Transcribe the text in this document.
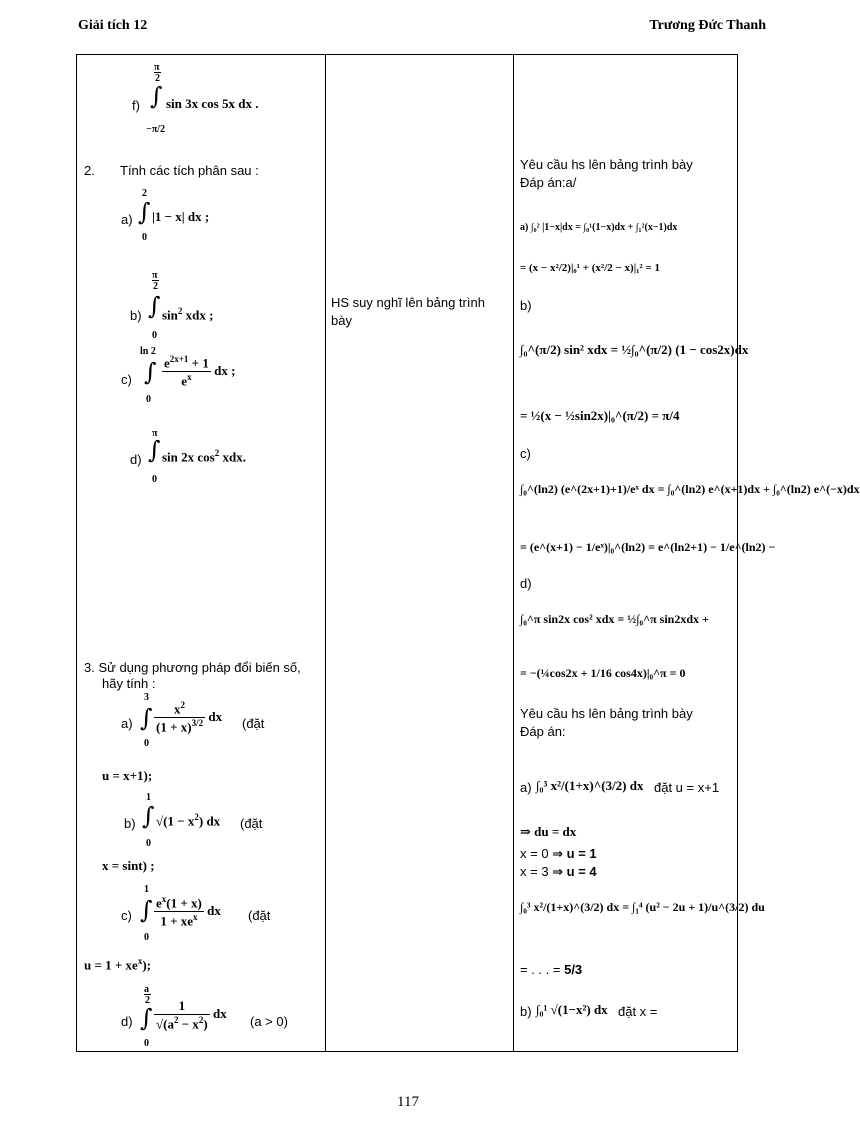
Giải tích 12	Trương Đức Thanh
f)
π
2
∫ sin 3x cos 5x dx .
−π/2
2. Tính các tích phân sau :
a)
2
∫ |1 − x| dx ;
0
b)
π
2
∫ $\sin^2$ xdx ;
0
c)
ln 2
∫ $\frac{e^{2x+1} + 1}{e^x}$ dx ;
0
d)
π
∫ sin 2x $\cos^2$ xdx.
0
3. Sử dụng phương pháp đổi biến số,
hãy tính :
a)
3
∫ $\frac{x^2}{(1 + x)^{3/2}}$ dx
0
(đặt
u = x+1);
b)
1
∫ $√(1 - x^2)$ dx
0
(đặt
x = sint) ;
c)
1
∫ $\frac{e^x(1 + x)}{1 + xe^x}$ dx
0
(đặt
$u = 1 + xe^x$);
d)
a
2
∫ $\frac{1}{√(a^2 - x^2)}$ dx
0
(a > 0)
HS suy nghĩ lên bảng trình bày
Yêu cầu hs lên bảng trình bày
Đáp án:a/
a) ∫₀² |1−x|dx = ∫₀¹(1−x)dx + ∫₁²(x−1)dx
= (x − x²/2)|₀¹ + (x²/2 − x)|₁² = 1
b)
∫₀^(π/2) sin² xdx = ½∫₀^(π/2) (1 − cos2x)dx
= ½(x − ½sin2x)|₀^(π/2) = π/4
c)
∫₀^(ln2) (e^(2x+1)+1)/eˣ dx = ∫₀^(ln2) e^(x+1)dx + ∫₀^(ln2) e^(−x)dx
= (e^(x+1) − 1/eˣ)|₀^(ln2) = e^(ln2+1) − 1/e^(ln2) −
d)
∫₀^π sin2x cos² xdx = ½∫₀^π sin2xdx +
= −(¼cos2x + 1/16 cos4x)|₀^π = 0
Yêu cầu hs lên bảng trình bày
Đáp án:
a) ∫₀³ x²/(1+x)^(3/2) dx đặt u = x+1
⇒ du = dx
x = 0 ⇒ u = 1
x = 3 ⇒ u = 4
∫₀³ x²/(1+x)^(3/2) dx = ∫₁⁴ (u² − 2u + 1)/u^(3/2) du
= . . . = 5/3
b) ∫₀¹ √(1−x²) dx đặt x =
117
